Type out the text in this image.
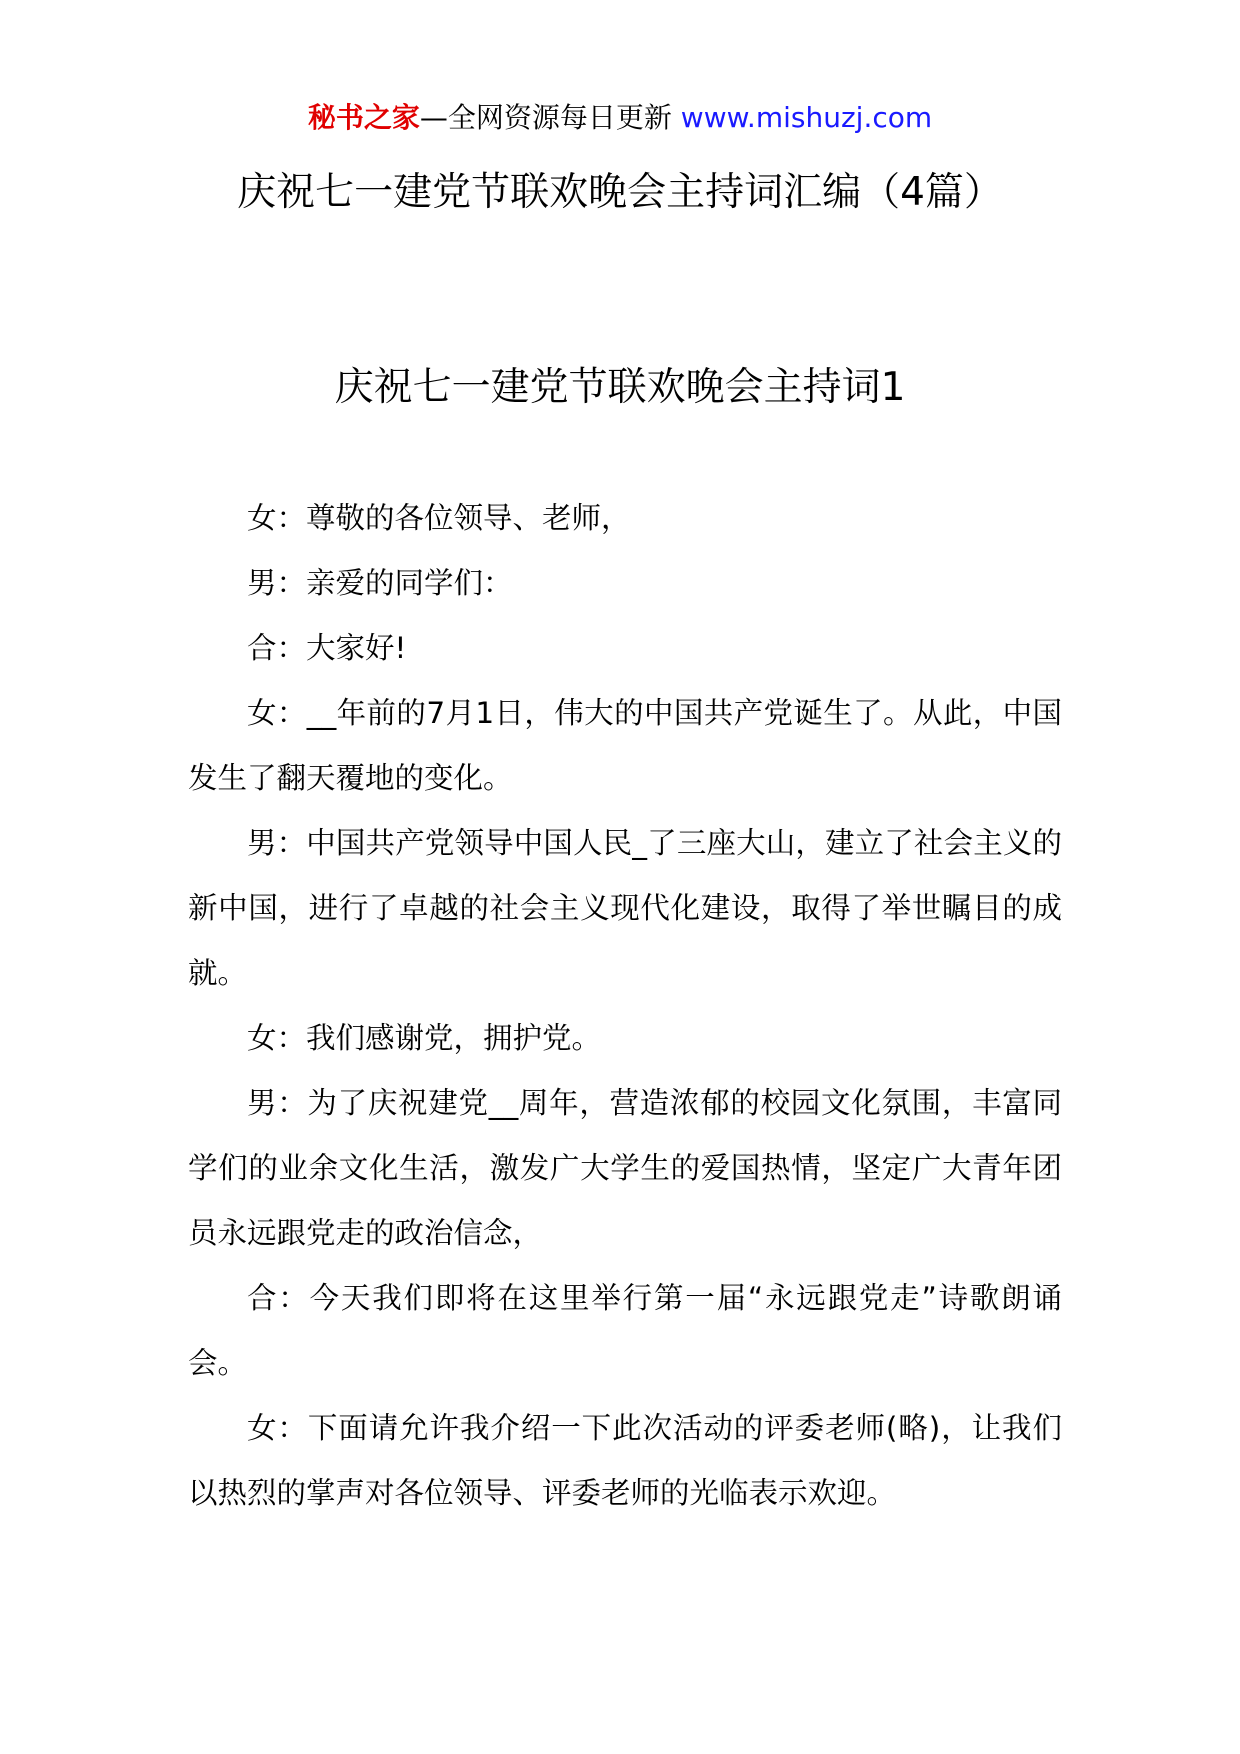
秘书之家—全网资源每日更新 www.mishuzj.com
庆祝七一建党节联欢晚会主持词汇编（4篇）
庆祝七一建党节联欢晚会主持词1

女：尊敬的各位领导、老师，

男：亲爱的同学们：

合：大家好!

女：__年前的7月1日，伟大的中国共产党诞生了。从此，中国发生了翻天覆地的变化。

男：中国共产党领导中国人民_了三座大山，建立了社会主义的新中国，进行了卓越的社会主义现代化建设，取得了举世瞩目的成就。

女：我们感谢党，拥护党。

男：为了庆祝建党__周年，营造浓郁的校园文化氛围，丰富同学们的业余文化生活，激发广大学生的爱国热情，坚定广大青年团员永远跟党走的政治信念，

合：今天我们即将在这里举行第一届“永远跟党走”诗歌朗诵会。

女：下面请允许我介绍一下此次活动的评委老师(略)，让我们以热烈的掌声对各位领导、评委老师的光临表示欢迎。
